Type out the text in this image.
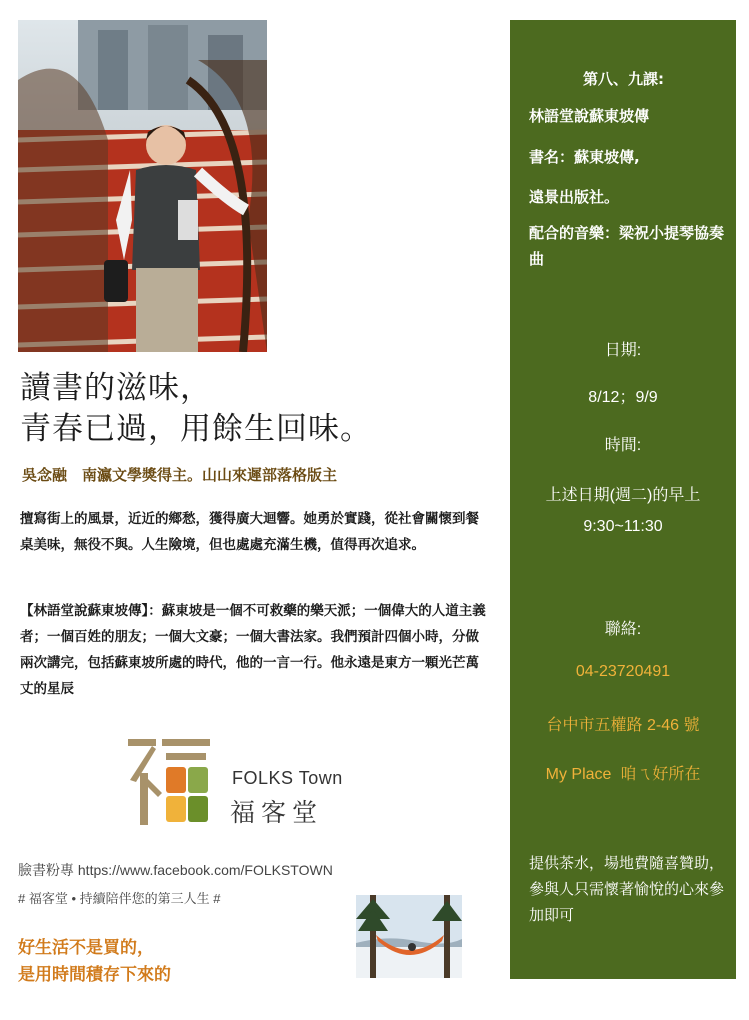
讀書的滋味，
青春已過，用餘生回味。
吳念融　南瀛文學獎得主。山山來遲部落格版主

擅寫街上的風景，近近的鄉愁，獲得廣大迴響。她勇於實踐，從社會關懷到餐桌美味，無役不與。人生險境，但也處處充滿生機，值得再次追求。

【林語堂說蘇東坡傳】：蘇東坡是一個不可救藥的樂天派；一個偉大的人道主義者；一個百姓的朋友；一個大文豪；一個大書法家。我們預計四個小時，分做兩次講完，包括蘇東坡所處的時代，他的一言一行。他永遠是東方一顆光芒萬丈的星辰

FOLKS Town
福客堂
臉書粉專 https://www.facebook.com/FOLKSTOWN
# 福客堂 • 持續陪伴您的第三人生 #
好生活不是買的，
是用時間積存下來的
第八、九課:
林語堂說蘇東坡傳
書名：蘇東坡傳,
遠景出版社。
配合的音樂：梁祝小提琴協奏曲
日期:
8/12；9/9
時間:
上述日期(週二)的早上
9:30~11:30
聯絡:
04-23720491
台中市五權路 2-46 號
My Place  咱ㄟ好所在
提供茶水，場地費隨喜贊助，參與人只需懷著愉悅的心來參加即可
